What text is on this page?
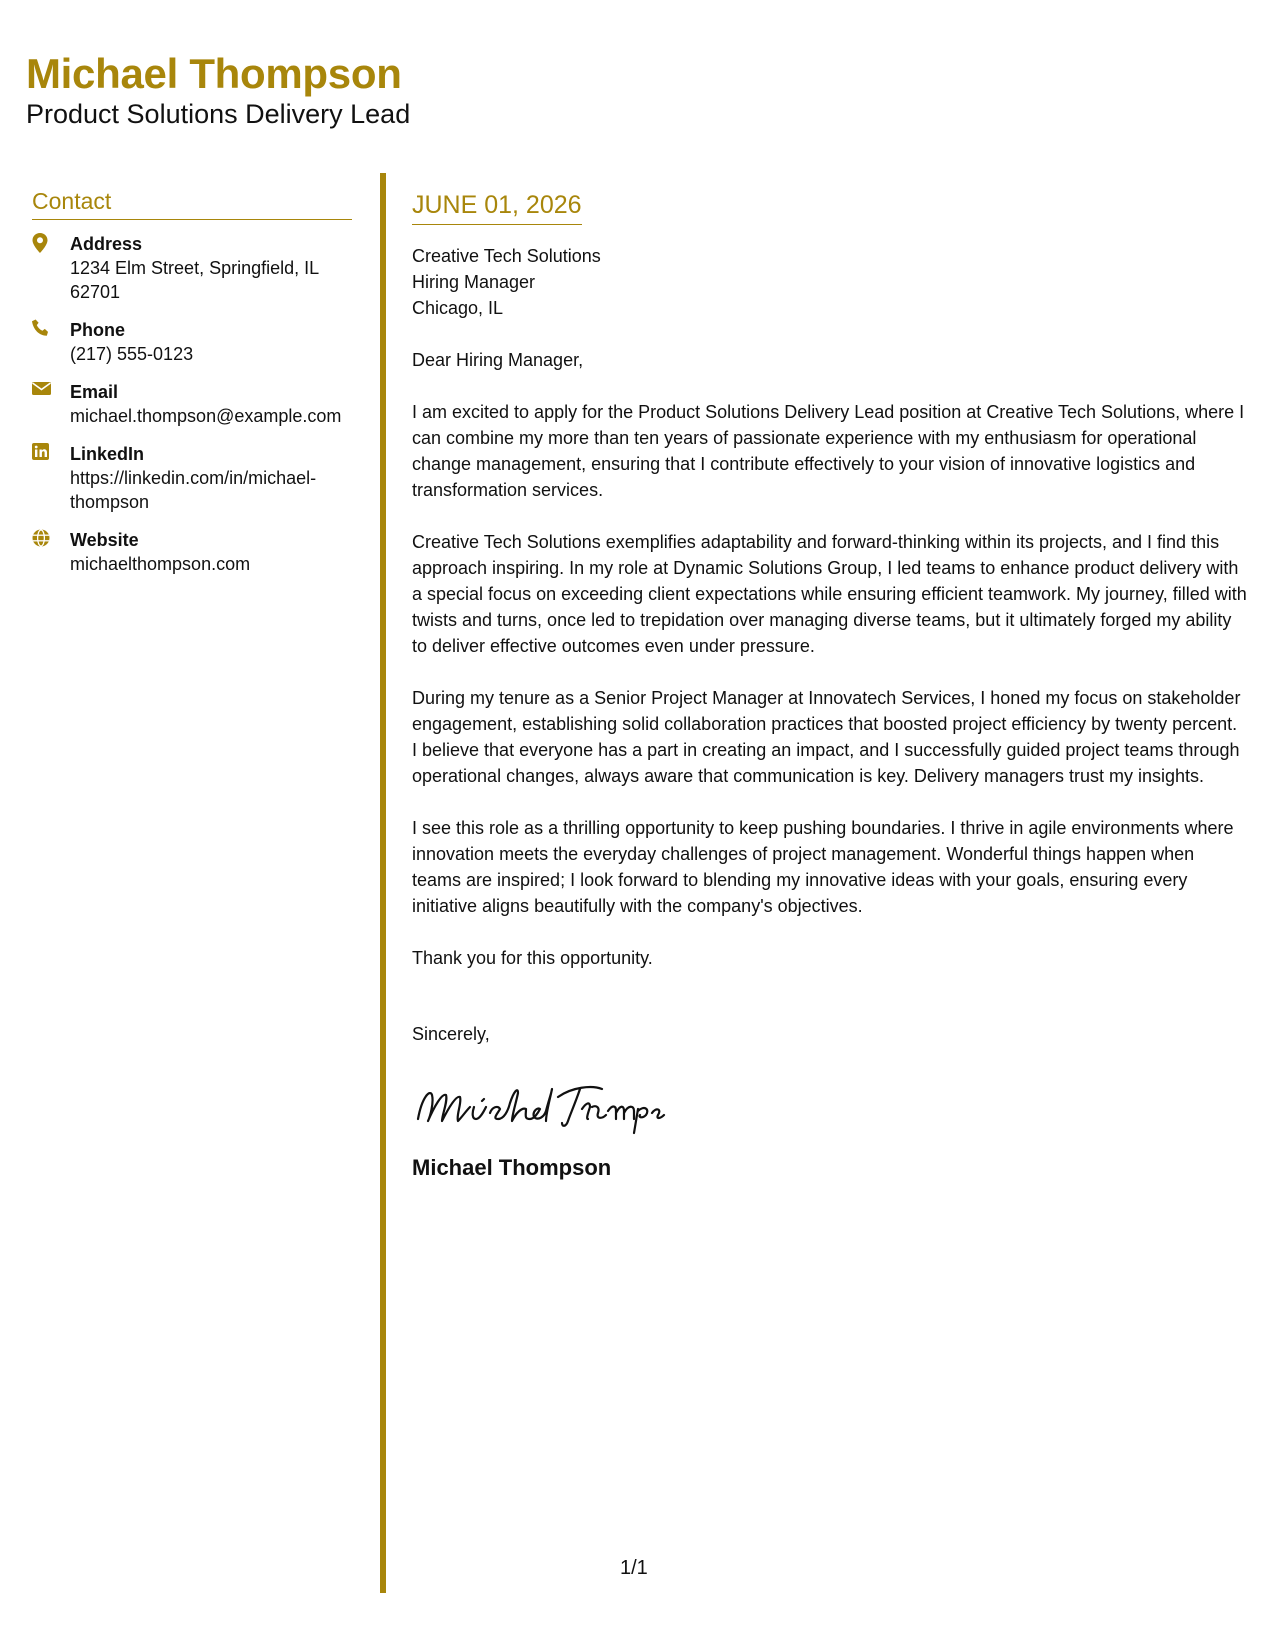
Michael Thompson
Product Solutions Delivery Lead
Contact
Address
1234 Elm Street, Springfield, IL 62701
Phone
(217) 555-0123
Email
michael.thompson@example.com
LinkedIn
https://linkedin.com/in/michael-thompson
Website
michaelthompson.com
JUNE 01, 2026
Creative Tech Solutions
Hiring Manager
Chicago, IL
Dear Hiring Manager,
I am excited to apply for the Product Solutions Delivery Lead position at Creative Tech Solutions, where I can combine my more than ten years of passionate experience with my enthusiasm for operational change management, ensuring that I contribute effectively to your vision of innovative logistics and transformation services.
Creative Tech Solutions exemplifies adaptability and forward-thinking within its projects, and I find this approach inspiring. In my role at Dynamic Solutions Group, I led teams to enhance product delivery with a special focus on exceeding client expectations while ensuring efficient teamwork. My journey, filled with twists and turns, once led to trepidation over managing diverse teams, but it ultimately forged my ability to deliver effective outcomes even under pressure.
During my tenure as a Senior Project Manager at Innovatech Services, I honed my focus on stakeholder engagement, establishing solid collaboration practices that boosted project efficiency by twenty percent. I believe that everyone has a part in creating an impact, and I successfully guided project teams through operational changes, always aware that communication is key. Delivery managers trust my insights.
I see this role as a thrilling opportunity to keep pushing boundaries. I thrive in agile environments where innovation meets the everyday challenges of project management. Wonderful things happen when teams are inspired; I look forward to blending my innovative ideas with your goals, ensuring every initiative aligns beautifully with the company's objectives.
Thank you for this opportunity.
Sincerely,
Michael Thompson
1/1
